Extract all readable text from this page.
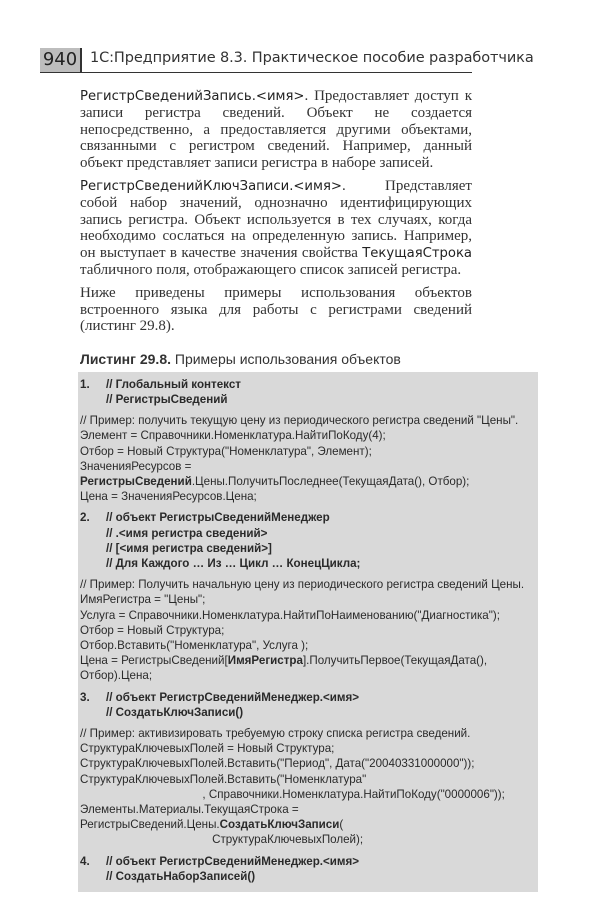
940 1С:Предприятие 8.3. Практическое пособие разработчика

РегистрСведенийЗапись.<имя>. Предоставляет доступ к записи регистра сведений. Объект не создается непосредственно, а предоставляется другими объектами, связанными с регистром сведений. Например, данный объект представляет записи регистра в наборе записей.

РегистрСведенийКлючЗаписи.<имя>. Представляет собой набор значений, однозначно идентифицирующих запись регистра. Объект используется в тех случаях, когда необходимо сослаться на определенную запись. Например, он выступает в качестве значения свойства ТекущаяСтрока табличного поля, отображающего список записей регистра.

Ниже приведены примеры использования объектов встроенного языка для работы с регистрами сведений (листинг 29.8).

Листинг 29.8. Примеры использования объектов
1. // Глобальный контекст
// РегистрыСведений
// Пример: получить текущую цену из периодического регистра сведений "Цены".
Элемент = Справочники.Номенклатура.НайтиПоКоду(4);
Отбор = Новый Структура("Номенклатура", Элемент);
ЗначенияРесурсов = РегистрыСведений.Цены.ПолучитьПоследнее(ТекущаяДата(), Отбор);
Цена = ЗначенияРесурсов.Цена;
2. // объект РегистрыСведенийМенеджер
// .<имя регистра сведений>
// [<имя регистра сведений>]
// Для Каждого … Из … Цикл … КонецЦикла;
// Пример: Получить начальную цену из периодического регистра сведений Цены.
ИмяРегистра = "Цены";
Услуга = Справочники.Номенклатура.НайтиПоНаименованию("Диагностика");
Отбор = Новый Структура;
Отбор.Вставить("Номенклатура", Услуга );
Цена = РегистрыСведений[ИмяРегистра].ПолучитьПервое(ТекущаяДата(), Отбор).Цена;
3. // объект РегистрСведенийМенеджер.<имя>
// СоздатьКлючЗаписи()
// Пример: активизировать требуемую строку списка регистра сведений.
СтруктураКлючевыхПолей = Новый Структура;
СтруктураКлючевыхПолей.Вставить("Период", Дата("20040331000000"));
СтруктураКлючевыхПолей.Вставить("Номенклатура"
, Справочники.Номенклатура.НайтиПоКоду("0000006"));
Элементы.Материалы.ТекущаяСтрока = РегистрыСведений.Цены.СоздатьКлючЗаписи(
СтруктураКлючевыхПолей);
4. // объект РегистрСведенийМенеджер.<имя>
// СоздатьНаборЗаписей()
